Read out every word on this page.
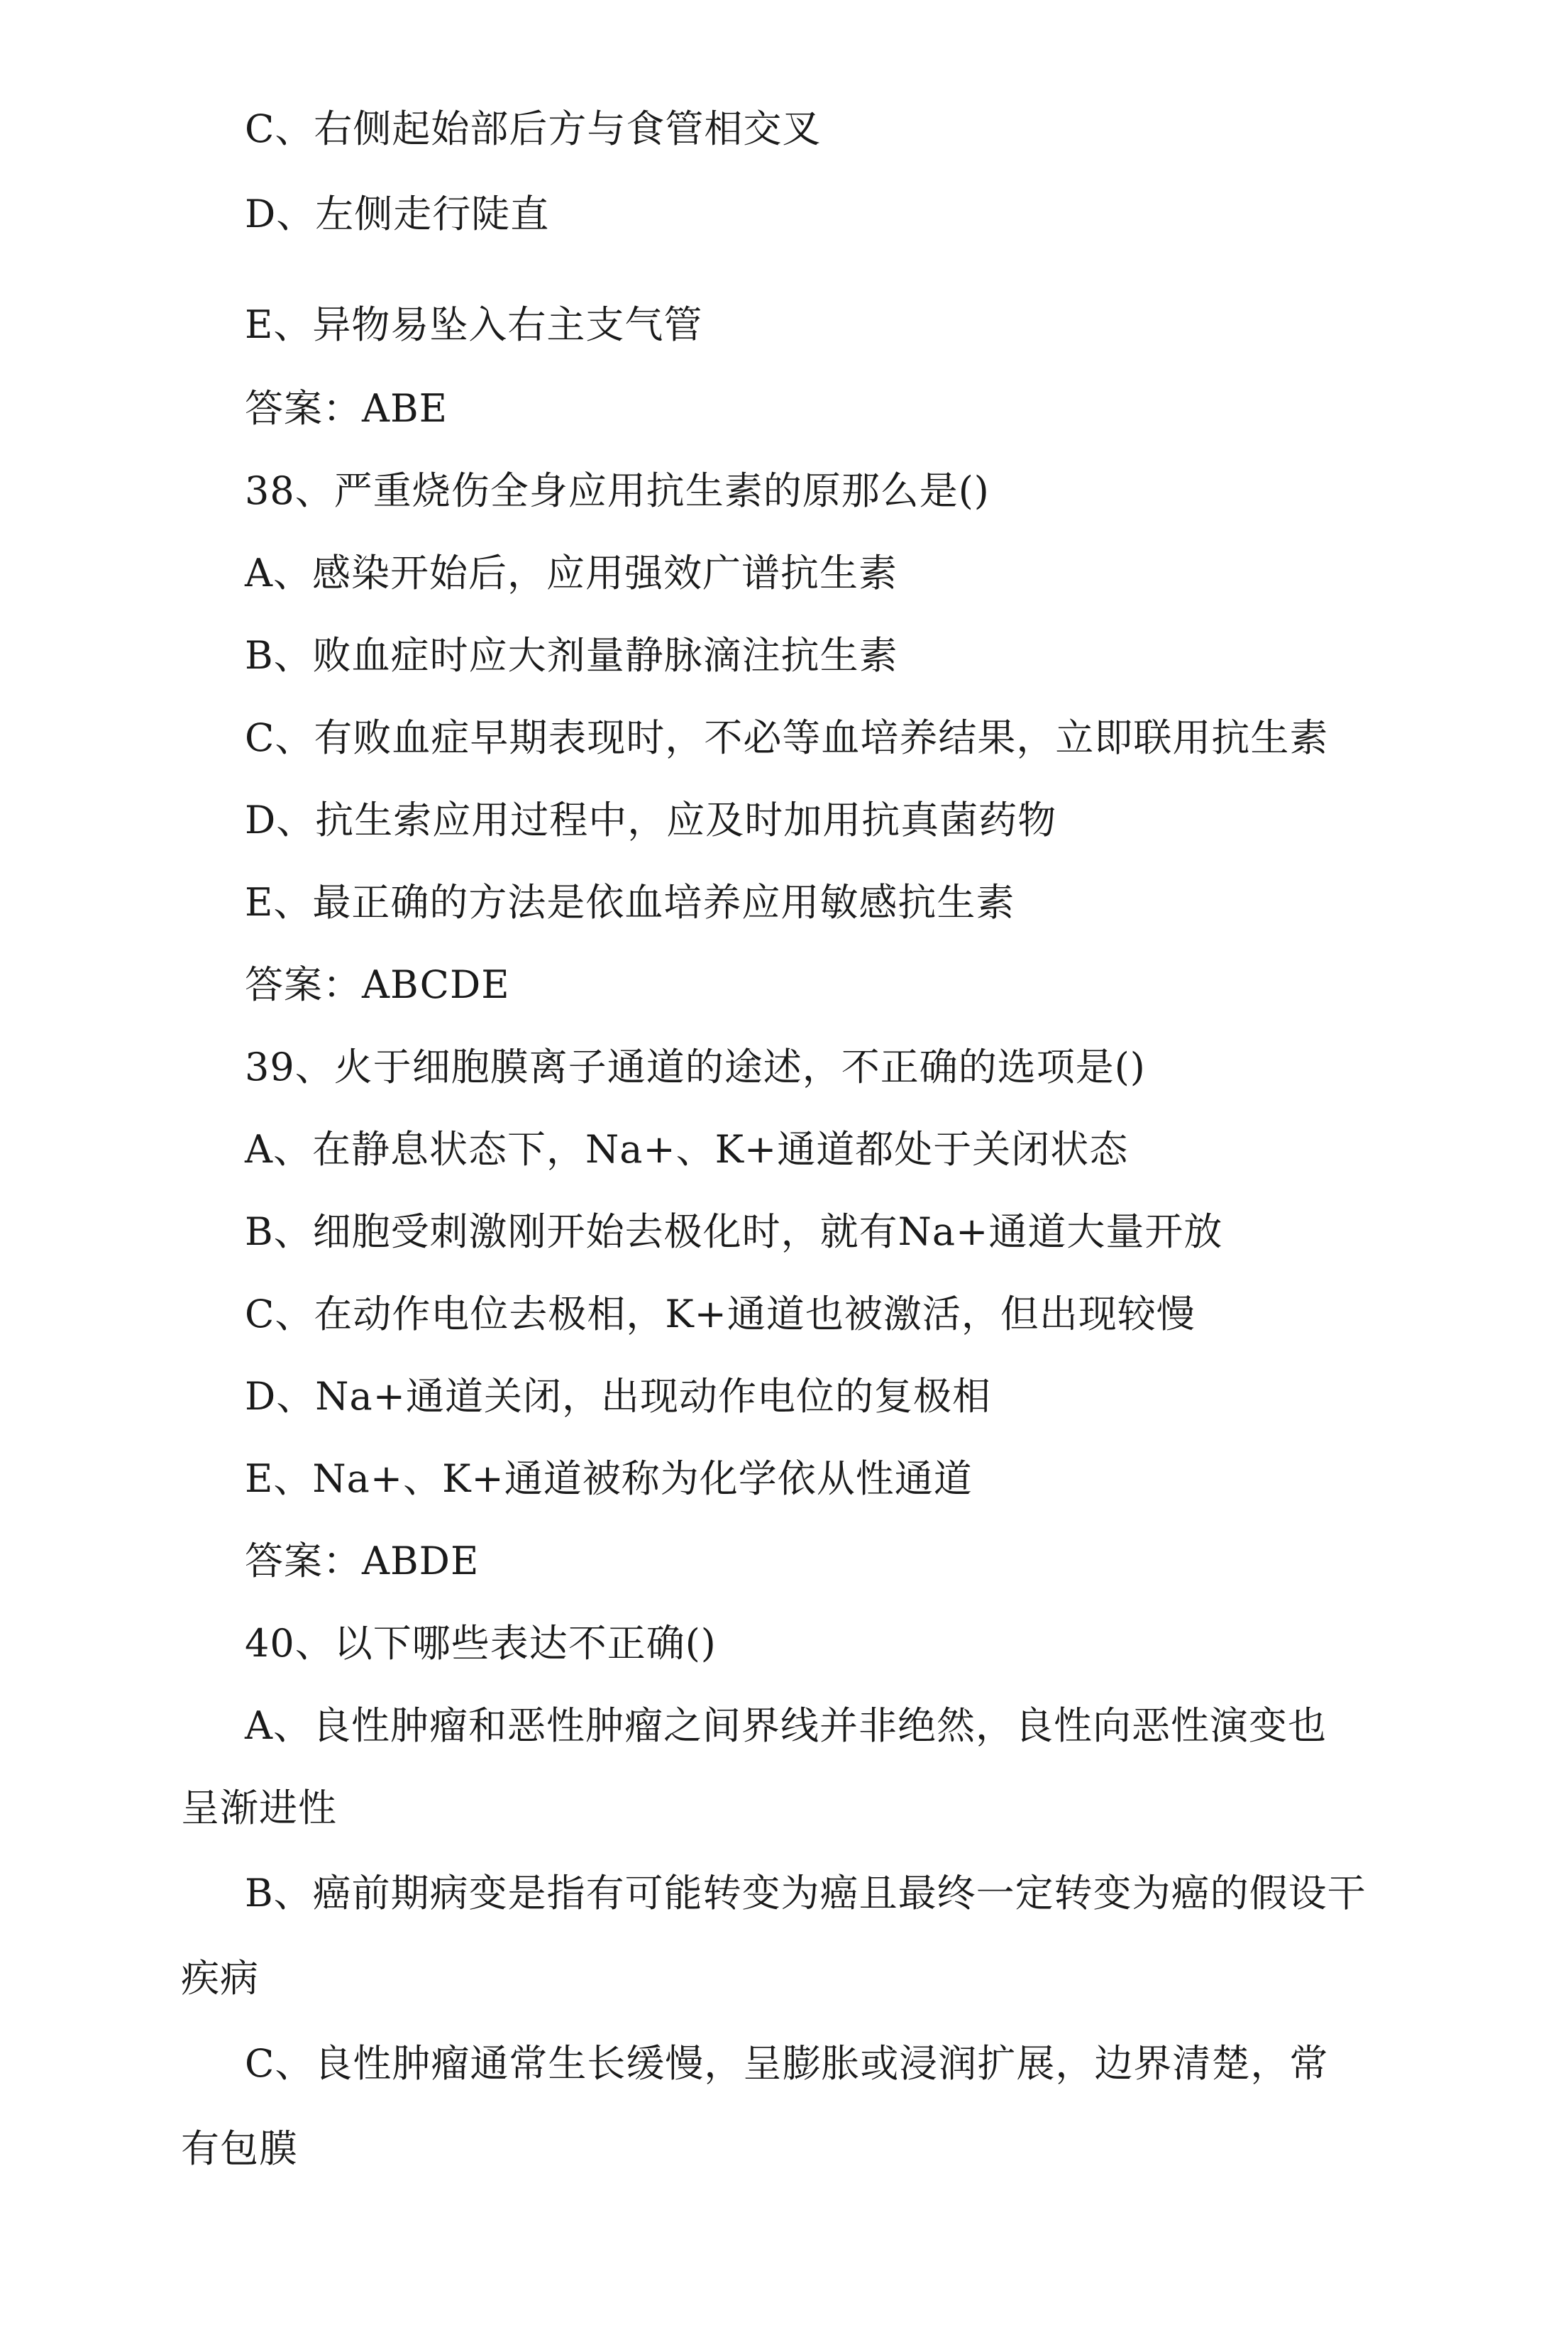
C、右侧起始部后方与食管相交叉
D、左侧走行陡直
E、异物易坠入右主支气管
答案：ABE
38、严重烧伤全身应用抗生素的原那么是()
A、感染开始后，应用强效广谱抗生素
B、败血症时应大剂量静脉滴注抗生素
C、有败血症早期表现时，不必等血培养结果，立即联用抗生素
D、抗生索应用过程中，应及时加用抗真菌药物
E、最正确的方法是依血培养应用敏感抗生素
答案：ABCDE
39、火于细胞膜离子通道的途述，不正确的选项是()
A、在静息状态下，Na+、K+通道都处于关闭状态
B、细胞受刺激刚开始去极化时，就有Na+通道大量开放
C、在动作电位去极相，K+通道也被激活，但出现较慢
D、Na+通道关闭，出现动作电位的复极相
E、Na+、K+通道被称为化学依从性通道
答案：ABDE
40、以下哪些表达不正确()
A、良性肿瘤和恶性肿瘤之间界线并非绝然，良性向恶性演变也
呈渐进性
B、癌前期病变是指有可能转变为癌且最终一定转变为癌的假设干
疾病
C、良性肿瘤通常生长缓慢，呈膨胀或浸润扩展，边界清楚，常
有包膜
